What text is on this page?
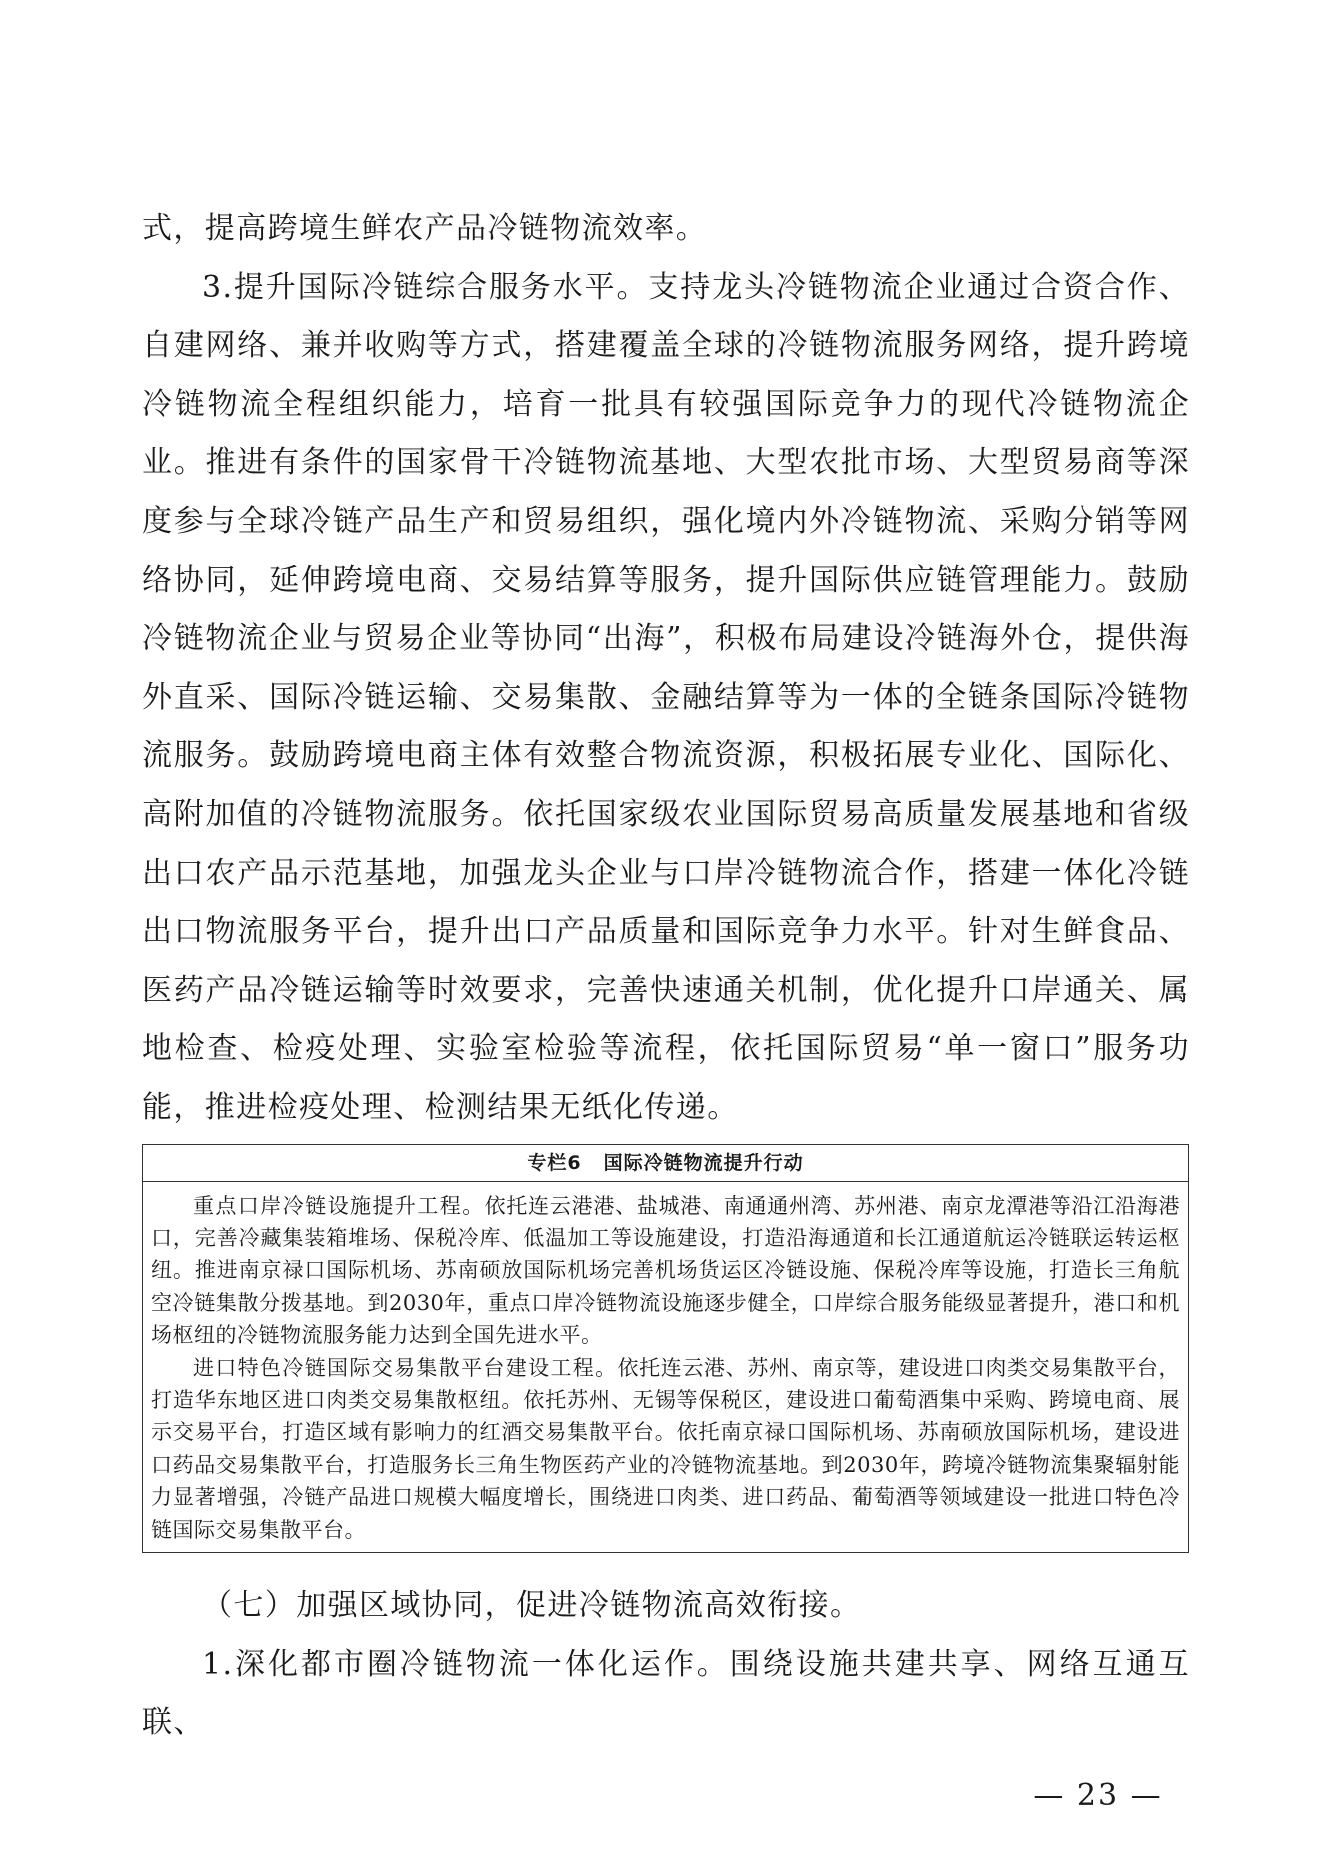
式，提高跨境生鲜农产品冷链物流效率。

3.提升国际冷链综合服务水平。支持龙头冷链物流企业通过合资合作、自建网络、兼并收购等方式，搭建覆盖全球的冷链物流服务网络，提升跨境冷链物流全程组织能力，培育一批具有较强国际竞争力的现代冷链物流企业。推进有条件的国家骨干冷链物流基地、大型农批市场、大型贸易商等深度参与全球冷链产品生产和贸易组织，强化境内外冷链物流、采购分销等网络协同，延伸跨境电商、交易结算等服务，提升国际供应链管理能力。鼓励冷链物流企业与贸易企业等协同“出海”，积极布局建设冷链海外仓，提供海外直采、国际冷链运输、交易集散、金融结算等为一体的全链条国际冷链物流服务。鼓励跨境电商主体有效整合物流资源，积极拓展专业化、国际化、高附加值的冷链物流服务。依托国家级农业国际贸易高质量发展基地和省级出口农产品示范基地，加强龙头企业与口岸冷链物流合作，搭建一体化冷链出口物流服务平台，提升出口产品质量和国际竞争力水平。针对生鲜食品、医药产品冷链运输等时效要求，完善快速通关机制，优化提升口岸通关、属地检查、检疫处理、实验室检验等流程，依托国际贸易“单一窗口”服务功能，推进检疫处理、检测结果无纸化传递。

专栏6 国际冷链物流提升行动

重点口岸冷链设施提升工程。依托连云港港、盐城港、南通通州湾、苏州港、南京龙潭港等沿江沿海港口，完善冷藏集装箱堆场、保税冷库、低温加工等设施建设，打造沿海通道和长江通道航运冷链联运转运枢纽。推进南京禄口国际机场、苏南硕放国际机场完善机场货运区冷链设施、保税冷库等设施，打造长三角航空冷链集散分拨基地。到2030年，重点口岸冷链物流设施逐步健全，口岸综合服务能级显著提升，港口和机场枢纽的冷链物流服务能力达到全国先进水平。

进口特色冷链国际交易集散平台建设工程。依托连云港、苏州、南京等，建设进口肉类交易集散平台，打造华东地区进口肉类交易集散枢纽。依托苏州、无锡等保税区，建设进口葡萄酒集中采购、跨境电商、展示交易平台，打造区域有影响力的红酒交易集散平台。依托南京禄口国际机场、苏南硕放国际机场，建设进口药品交易集散平台，打造服务长三角生物医药产业的冷链物流基地。到2030年，跨境冷链物流集聚辐射能力显著增强，冷链产品进口规模大幅度增长，围绕进口肉类、进口药品、葡萄酒等领域建设一批进口特色冷链国际交易集散平台。

（七）加强区域协同，促进冷链物流高效衔接。

1.深化都市圈冷链物流一体化运作。围绕设施共建共享、网络互通互联、

— 23 —
